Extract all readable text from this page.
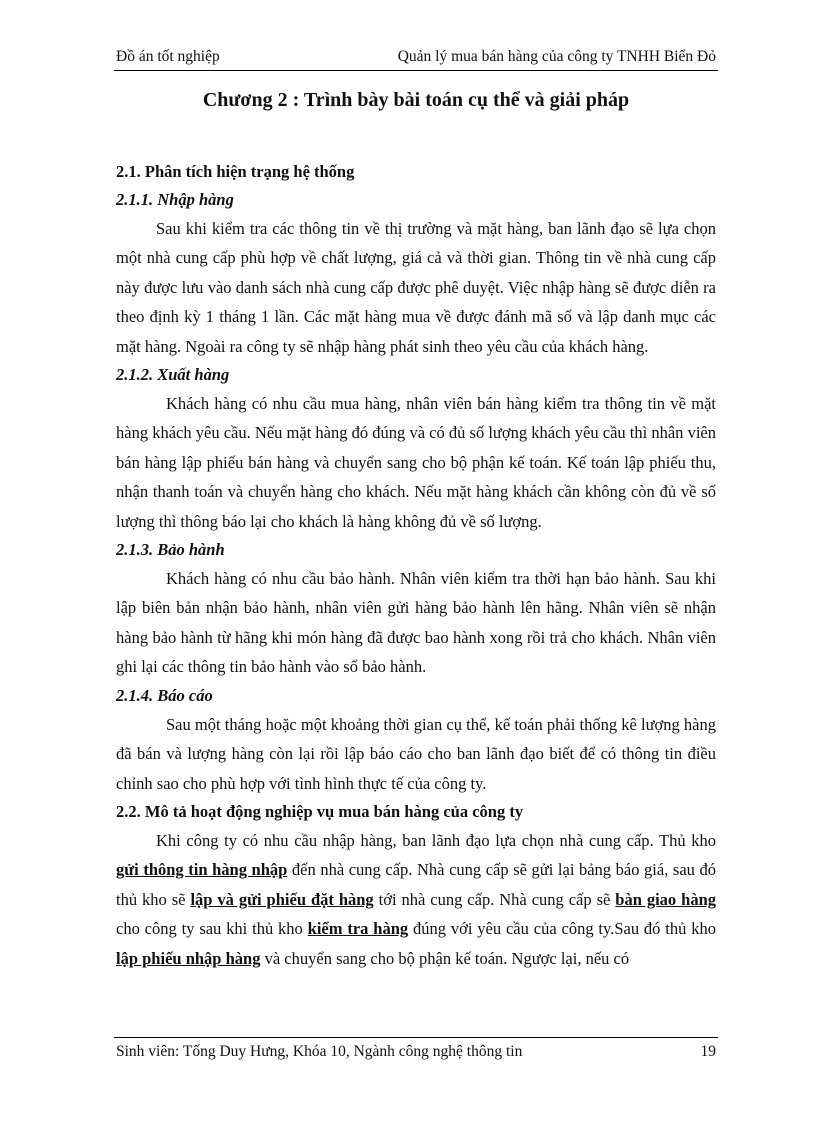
Đồ án tốt nghiệp	Quản lý mua bán hàng của công ty TNHH Biển Đỏ
Chương 2 : Trình bày bài toán cụ thể và giải pháp

2.1. Phân tích hiện trạng hệ thống

2.1.1. Nhập hàng

Sau khi kiểm tra các thông tin về thị trường và mặt hàng, ban lãnh đạo sẽ lựa chọn một nhà cung cấp phù hợp về chất lượng, giá cả và thời gian. Thông tin về nhà cung cấp này được lưu vào danh sách nhà cung cấp được phê duyệt. Việc nhập hàng sẽ được diễn ra theo định kỳ 1 tháng 1 lần. Các mặt hàng mua về được đánh mã số và lập danh mục các mặt hàng. Ngoài ra công ty sẽ nhập hàng phát sinh theo yêu cầu của khách hàng.

2.1.2. Xuất hàng

Khách hàng có nhu cầu mua hàng, nhân viên bán hàng kiểm tra thông tin về mặt hàng khách yêu cầu. Nếu mặt hàng đó đúng và có đủ số lượng khách yêu cầu thì nhân viên bán hàng lập phiếu bán hàng và chuyển sang cho bộ phận kế toán. Kế toán lập phiếu thu, nhận thanh toán và chuyển hàng cho khách. Nếu mặt hàng khách cần không còn đủ về số lượng thì thông báo lại cho khách là hàng không đủ về số lượng.

2.1.3. Bảo hành

Khách hàng có nhu cầu bảo hành. Nhân viên kiểm tra thời hạn bảo hành. Sau khi lập biên bản nhận bảo hành, nhân viên gửi hàng bảo hành lên hãng. Nhân viên sẽ nhận hàng bảo hành từ hãng khi món hàng đã được bao hành xong rồi trả cho khách. Nhân viên ghi lại các thông tin bảo hành vào sổ bảo hành.

2.1.4. Báo cáo

Sau một tháng hoặc một khoảng thời gian cụ thể, kế toán phải thống kê lượng hàng đã bán và lượng hàng còn lại rồi lập báo cáo cho ban lãnh đạo biết để có thông tin điều chỉnh sao cho phù hợp với tình hình thực tế của công ty.

2.2. Mô tả hoạt động nghiệp vụ mua bán hàng của công ty

Khi công ty có nhu cầu nhập hàng, ban lãnh đạo lựa chọn nhà cung cấp. Thủ kho gửi thông tin hàng nhập đến nhà cung cấp. Nhà cung cấp sẽ gửi lại bảng báo giá, sau đó thủ kho sẽ lập và gửi phiếu đặt hàng tới nhà cung cấp. Nhà cung cấp sẽ bàn giao hàng cho công ty sau khi thủ kho kiểm tra hàng đúng với yêu cầu của công ty.Sau đó thủ kho lập phiếu nhập hàng và chuyển sang cho bộ phận kế toán. Ngược lại, nếu có

Sinh viên: Tống Duy Hưng, Khóa 10, Ngành công nghệ thông tin	19
